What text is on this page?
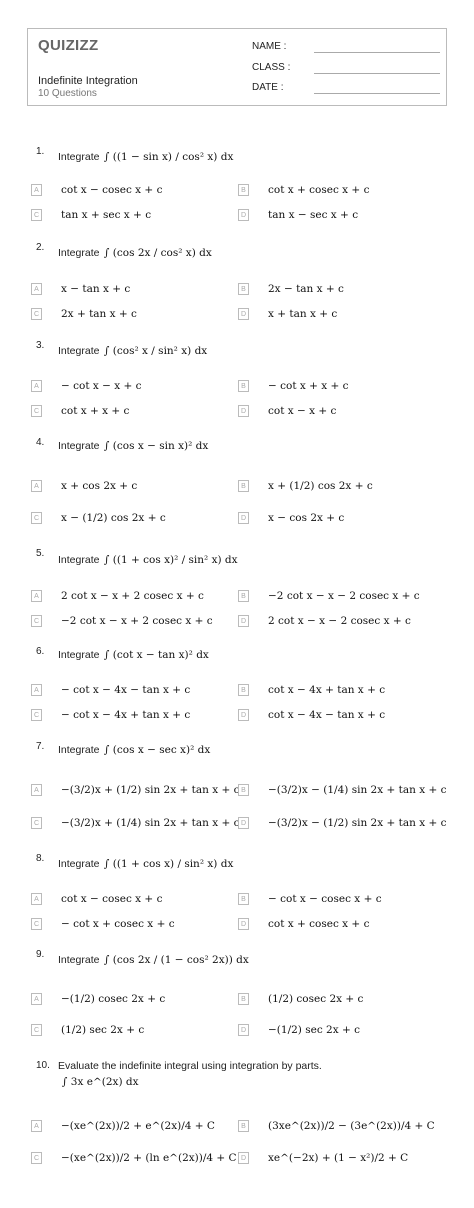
QUIZIZZ
Indefinite Integration
10 Questions
NAME :
CLASS :
DATE :
1. Integrate ∫ ((1 − sin x) / cos² x) dx
A	cot x − cosec x + c	B	cot x + cosec x + c
C tan x + sec x + c	D tan x − sec x + c
2. Integrate ∫ (cos 2x / cos² x) dx
A	x − tan x + c	B	2x − tan x + c
C 2x + tan x + c	D x + tan x + c
3. Integrate ∫ (cos² x / sin² x) dx
A	− cot x − x + c	B	− cot x + x + c
C cot x + x + c	D cot x − x + c
4. Integrate ∫ (cos x − sin x)² dx
A	x + cos 2x + c	B	x + (1/2) cos 2x + c
C x − (1/2) cos 2x + c	D x − cos 2x + c
5.
Integrate ∫ ((1 + cos x)² / sin² x) dx
A	2 cot x − x + 2 cosec x + c	B	−2 cot x − x − 2 cosec x + c
C −2 cot x − x + 2 cosec x + c	D 2 cot x − x − 2 cosec x + c
6. Integrate ∫ (cot x − tan x)² dx
A	− cot x − 4x − tan x + c	B	cot x − 4x + tan x + c
C − cot x − 4x + tan x + c	D cot x − 4x − tan x + c
7. Integrate ∫ (cos x − sec x)² dx
A	−(3/2)x + (1/2) sin 2x + tan x + c B	−(3/2)x − (1/4) sin 2x + tan x + c
C −(3/2)x + (1/4) sin 2x + tan x + c D −(3/2)x − (1/2) sin 2x + tan x + c
8. Integrate ∫ ((1 + cos x) / sin² x) dx
A	cot x − cosec x + c	B	− cot x − cosec x + c
C − cot x + cosec x + c	D cot x + cosec x + c
9. Integrate ∫ (cos 2x / (1 − cos² 2x)) dx
A	−(1/2) cosec 2x + c	B	(1/2) cosec 2x + c
C (1/2) sec 2x + c	D −(1/2) sec 2x + c
10. Evaluate the indefinite integral using integration by parts.
∫ 3x e^(2x) dx
A	−(xe^(2x))/2 + e^(2x)/4 + C	B	(3xe^(2x))/2 − (3e^(2x))/4 + C
C −(xe^(2x))/2 + (ln e^(2x))/4 + C D xe^(−2x) + (1 − x²)/2 + C
